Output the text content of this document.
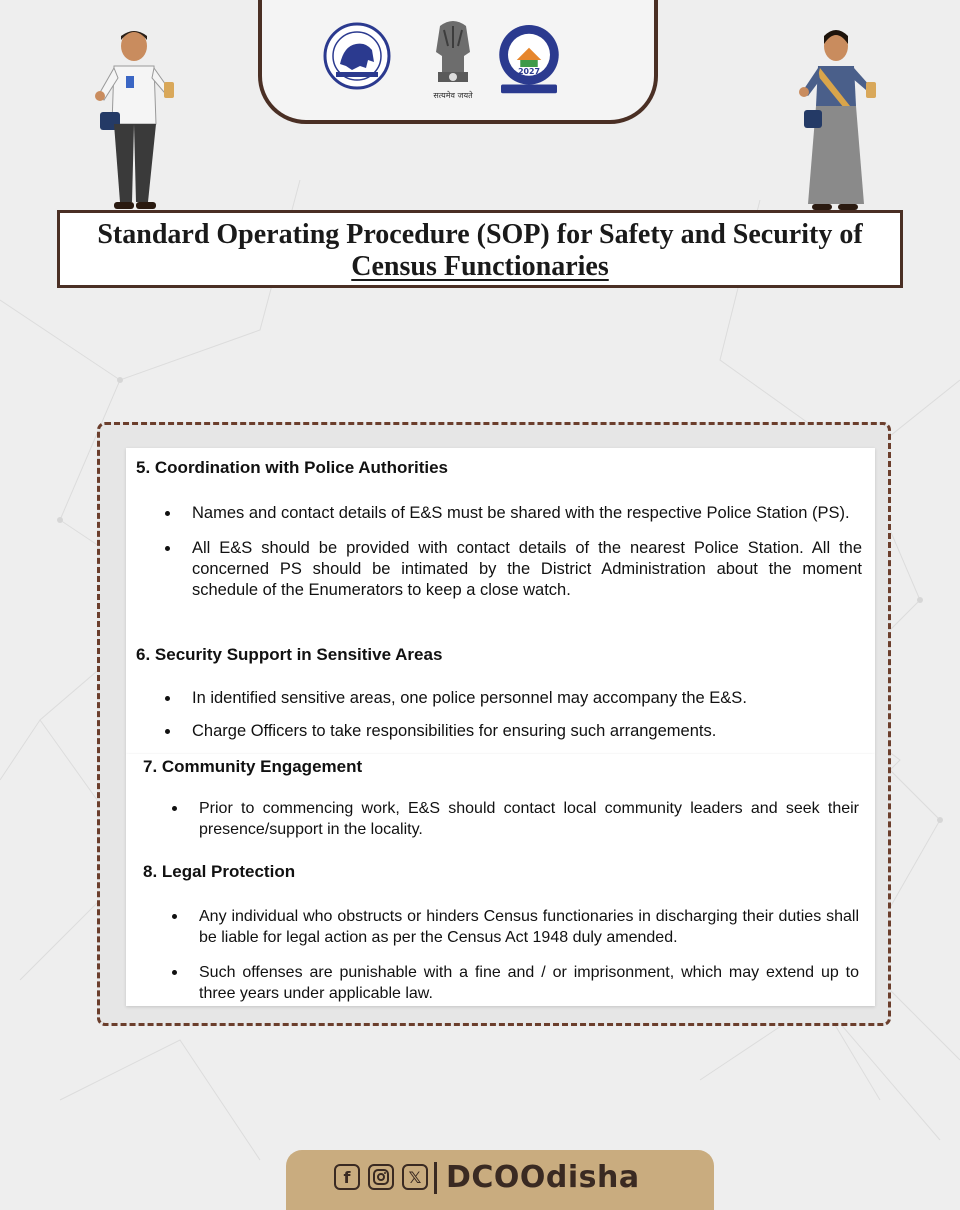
सत्यमेव जयते
2027
Standard Operating Procedure (SOP) for Safety and Security of
Census Functionaries
5. Coordination with Police Authorities
Names and contact details of E&S must be shared with the respective Police Station (PS).
All E&S should be provided with contact details of the nearest Police Station. All the concerned PS should be intimated by the District Administration about the moment schedule of the Enumerators to keep a close watch.
6. Security Support in Sensitive Areas
In identified sensitive areas, one police personnel may accompany the E&S.
Charge Officers to take responsibilities for ensuring such arrangements.
7. Community Engagement
Prior to commencing work, E&S should contact local community leaders and seek their presence/support in the locality.
8. Legal Protection
Any individual who obstructs or hinders Census functionaries in discharging their duties shall be liable for legal action as per the Census Act 1948 duly amended.
Such offenses are punishable with a fine and / or imprisonment, which may extend up to three years under applicable law.
f	𝕏 DCOOdisha
